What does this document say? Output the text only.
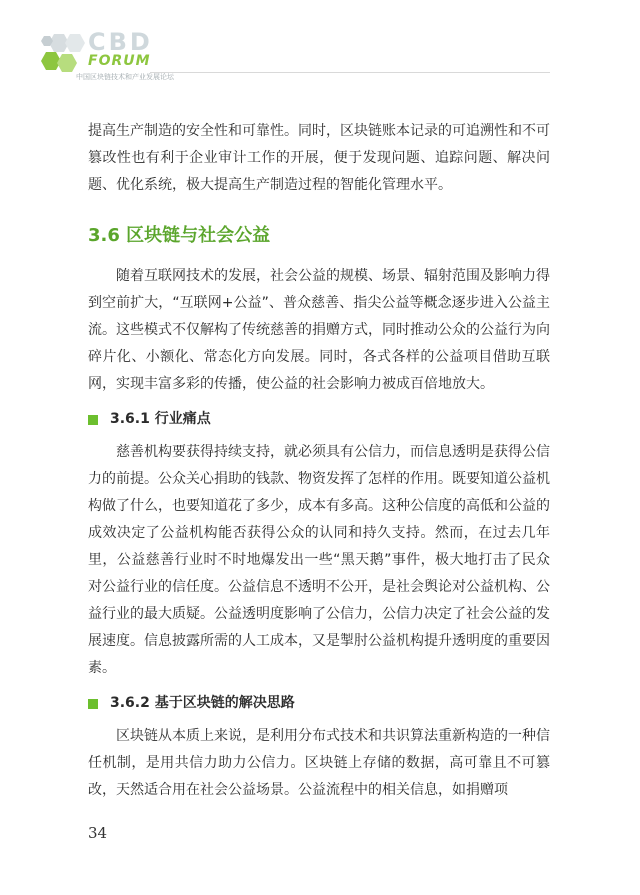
CBD
FORUM
中国区块链技术和产业发展论坛

提高生产制造的安全性和可靠性。同时，区块链账本记录的可追溯性和不可篡改性也有利于企业审计工作的开展，便于发现问题、追踪问题、解决问题、优化系统，极大提高生产制造过程的智能化管理水平。

3.6 区块链与社会公益

随着互联网技术的发展，社会公益的规模、场景、辐射范围及影响力得到空前扩大，“互联网+公益”、普众慈善、指尖公益等概念逐步进入公益主流。这些模式不仅解构了传统慈善的捐赠方式，同时推动公众的公益行为向碎片化、小额化、常态化方向发展。同时，各式各样的公益项目借助互联网，实现丰富多彩的传播，使公益的社会影响力被成百倍地放大。

3.6.1 行业痛点

慈善机构要获得持续支持，就必须具有公信力，而信息透明是获得公信力的前提。公众关心捐助的钱款、物资发挥了怎样的作用。既要知道公益机构做了什么，也要知道花了多少，成本有多高。这种公信度的高低和公益的成效决定了公益机构能否获得公众的认同和持久支持。然而，在过去几年里，公益慈善行业时不时地爆发出一些“黑天鹅”事件，极大地打击了民众对公益行业的信任度。公益信息不透明不公开，是社会舆论对公益机构、公益行业的最大质疑。公益透明度影响了公信力，公信力决定了社会公益的发展速度。信息披露所需的人工成本，又是掣肘公益机构提升透明度的重要因素。

3.6.2 基于区块链的解决思路

区块链从本质上来说，是利用分布式技术和共识算法重新构造的一种信任机制，是用共信力助力公信力。区块链上存储的数据，高可靠且不可篡改，天然适合用在社会公益场景。公益流程中的相关信息，如捐赠项

34
